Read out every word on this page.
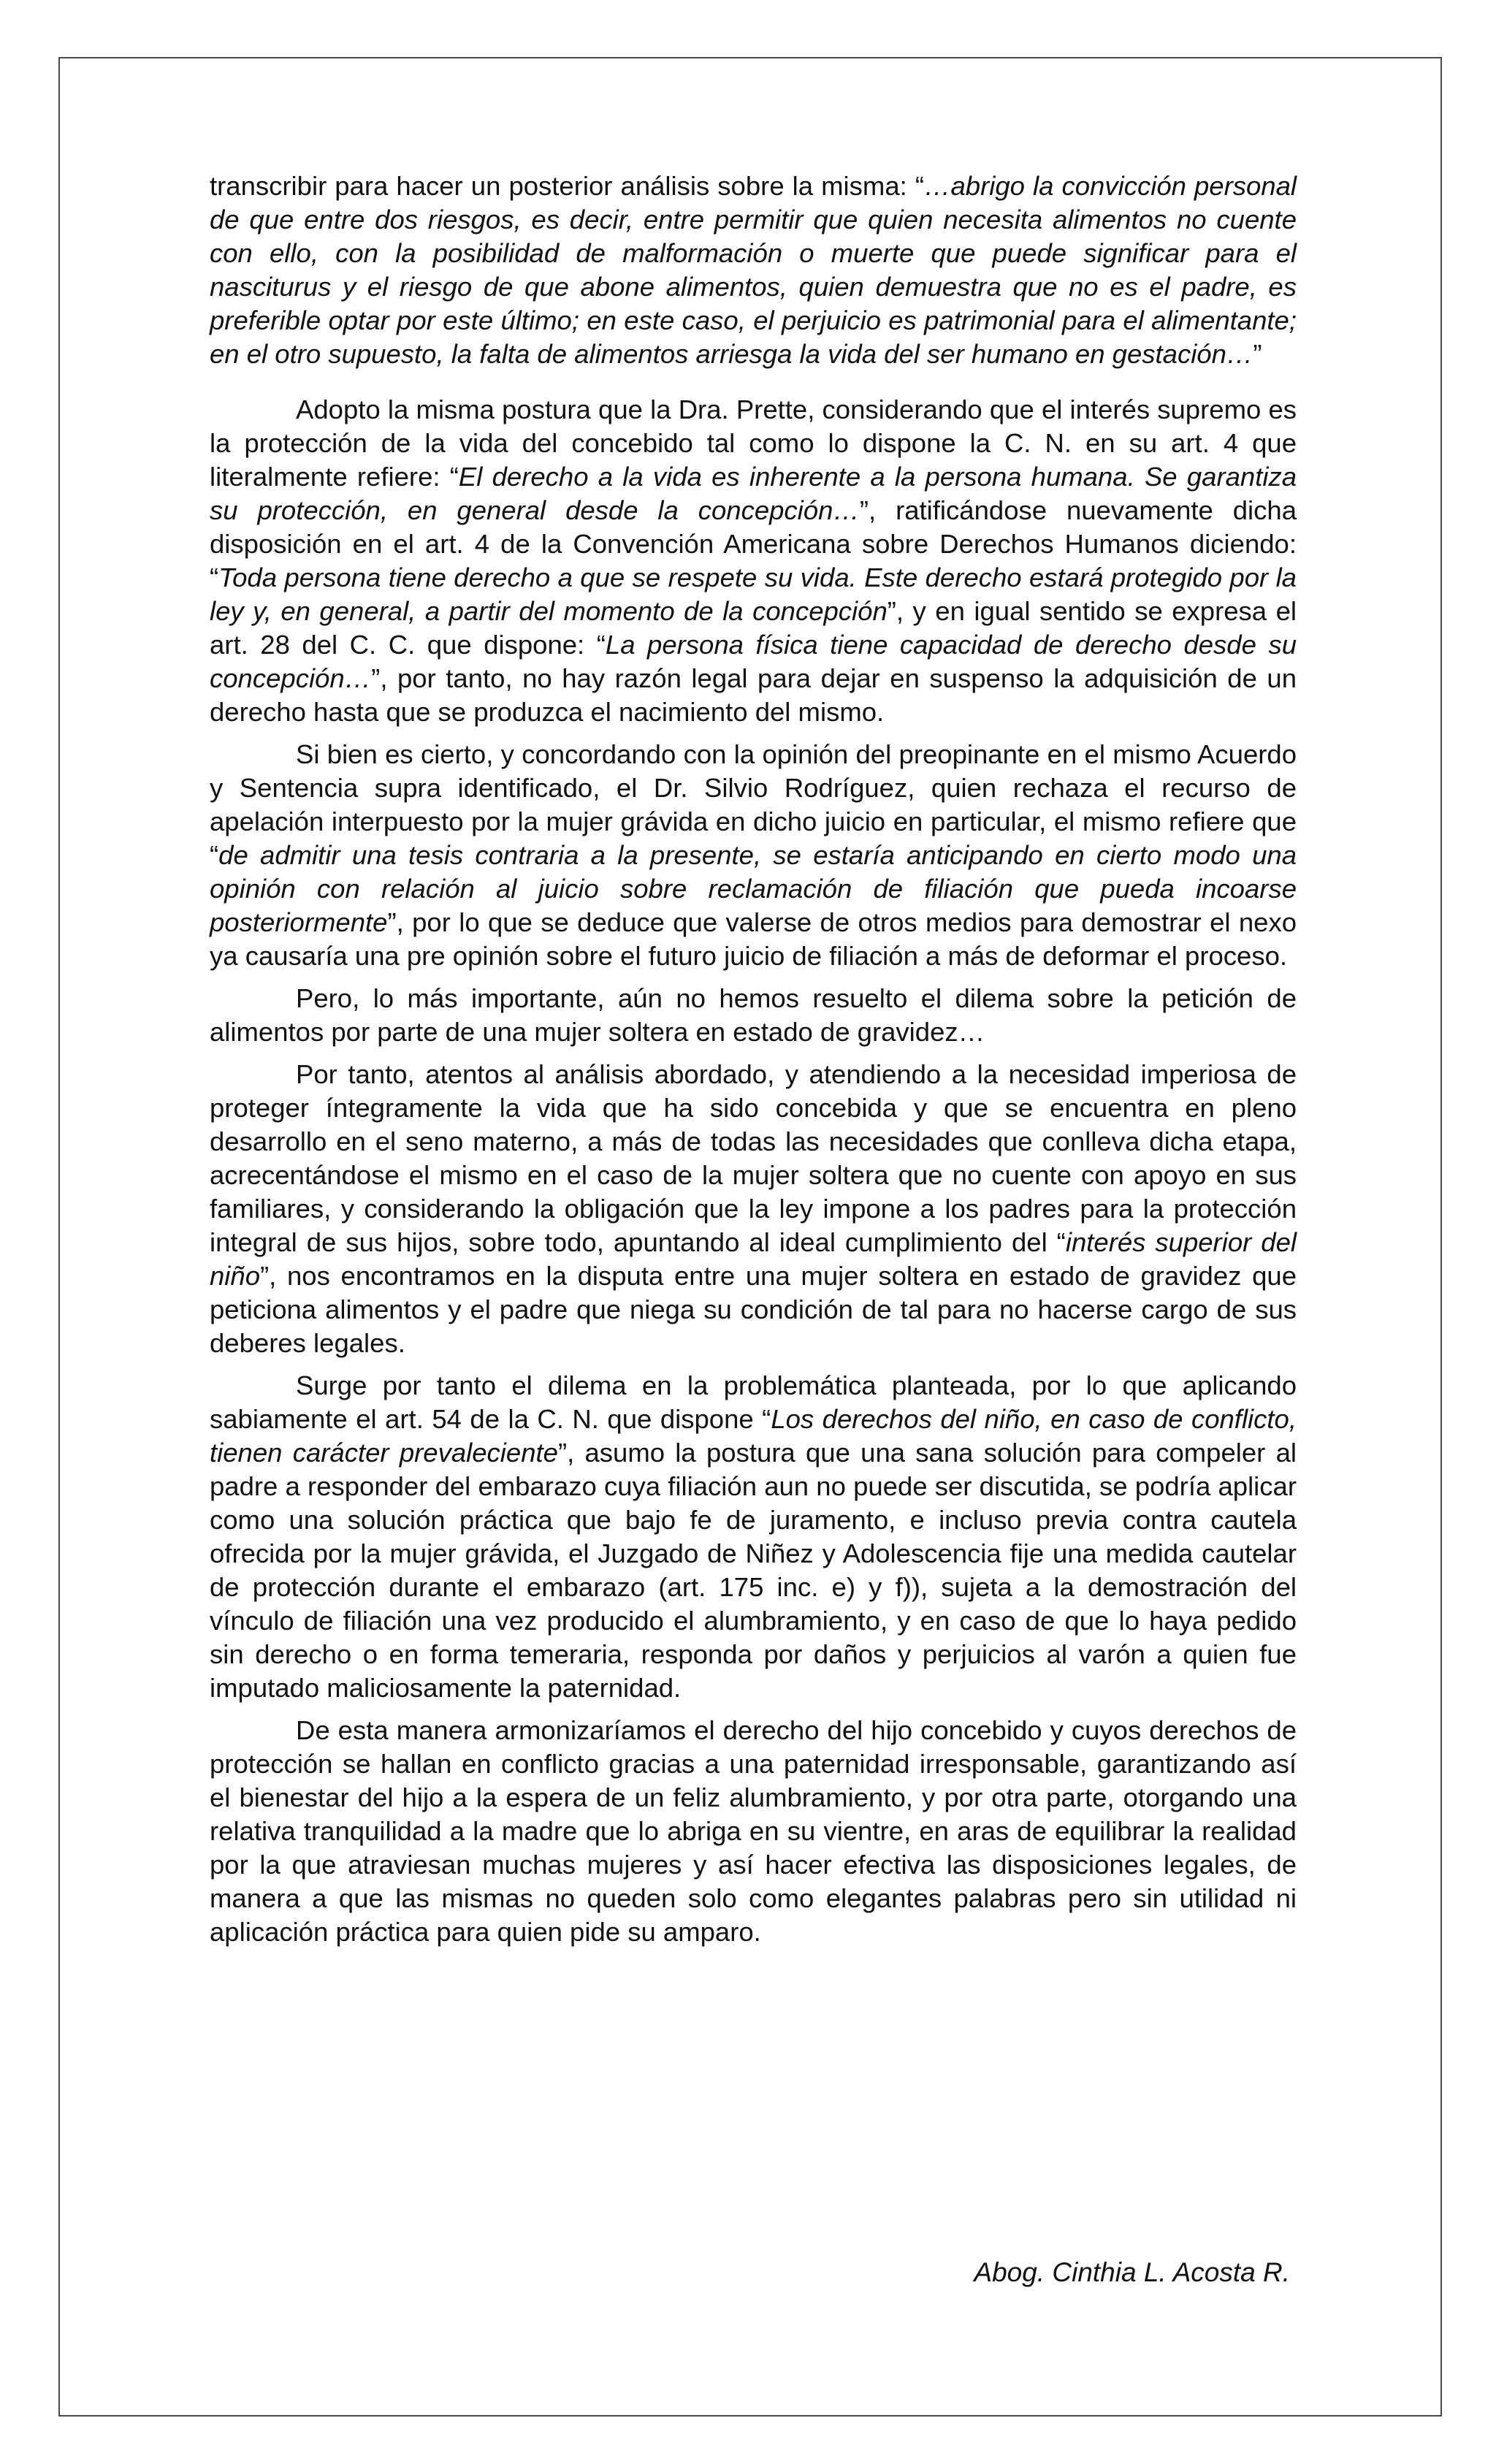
transcribir para hacer un posterior análisis sobre la misma: “…abrigo la convicción personal de que entre dos riesgos, es decir, entre permitir que quien necesita alimentos no cuente con ello, con la posibilidad de malformación o muerte que puede significar para el nasciturus y el riesgo de que abone alimentos, quien demuestra que no es el padre, es preferible optar por este último; en este caso, el perjuicio es patrimonial para el alimentante; en el otro supuesto, la falta de alimentos arriesga la vida del ser humano en gestación…”

Adopto la misma postura que la Dra. Prette, considerando que el interés supremo es la protección de la vida del concebido tal como lo dispone la C. N. en su art. 4 que literalmente refiere: “El derecho a la vida es inherente a la persona humana. Se garantiza su protección, en general desde la concepción…”, ratificándose nuevamente dicha disposición en el art. 4 de la Convención Americana sobre Derechos Humanos diciendo: “Toda persona tiene derecho a que se respete su vida. Este derecho estará protegido por la ley y, en general, a partir del momento de la concepción”, y en igual sentido se expresa el art. 28 del C. C. que dispone: “La persona física tiene capacidad de derecho desde su concepción…”, por tanto, no hay razón legal para dejar en suspenso la adquisición de un derecho hasta que se produzca el nacimiento del mismo.

Si bien es cierto, y concordando con la opinión del preopinante en el mismo Acuerdo y Sentencia supra identificado, el Dr. Silvio Rodríguez, quien rechaza el recurso de apelación interpuesto por la mujer grávida en dicho juicio en particular, el mismo refiere que “de admitir una tesis contraria a la presente, se estaría anticipando en cierto modo una opinión con relación al juicio sobre reclamación de filiación que pueda incoarse posteriormente”, por lo que se deduce que valerse de otros medios para demostrar el nexo ya causaría una pre opinión sobre el futuro juicio de filiación a más de deformar el proceso.

Pero, lo más importante, aún no hemos resuelto el dilema sobre la petición de alimentos por parte de una mujer soltera en estado de gravidez…

Por tanto, atentos al análisis abordado, y atendiendo a la necesidad imperiosa de proteger íntegramente la vida que ha sido concebida y que se encuentra en pleno desarrollo en el seno materno, a más de todas las necesidades que conlleva dicha etapa, acrecentándose el mismo en el caso de la mujer soltera que no cuente con apoyo en sus familiares, y considerando la obligación que la ley impone a los padres para la protección integral de sus hijos, sobre todo, apuntando al ideal cumplimiento del “interés superior del niño”, nos encontramos en la disputa entre una mujer soltera en estado de gravidez que peticiona alimentos y el padre que niega su condición de tal para no hacerse cargo de sus deberes legales.

Surge por tanto el dilema en la problemática planteada, por lo que aplicando sabiamente el art. 54 de la C. N. que dispone “Los derechos del niño, en caso de conflicto, tienen carácter prevaleciente”, asumo la postura que una sana solución para compeler al padre a responder del embarazo cuya filiación aun no puede ser discutida, se podría aplicar como una solución práctica que bajo fe de juramento, e incluso previa contra cautela ofrecida por la mujer grávida, el Juzgado de Niñez y Adolescencia fije una medida cautelar de protección durante el embarazo (art. 175 inc. e) y f)), sujeta a la demostración del vínculo de filiación una vez producido el alumbramiento, y en caso de que lo haya pedido sin derecho o en forma temeraria, responda por daños y perjuicios al varón a quien fue imputado maliciosamente la paternidad.

De esta manera armonizaríamos el derecho del hijo concebido y cuyos derechos de protección se hallan en conflicto gracias a una paternidad irresponsable, garantizando así el bienestar del hijo a la espera de un feliz alumbramiento, y por otra parte, otorgando una relativa tranquilidad a la madre que lo abriga en su vientre, en aras de equilibrar la realidad por la que atraviesan muchas mujeres y así hacer efectiva las disposiciones legales, de manera a que las mismas no queden solo como elegantes palabras pero sin utilidad ni aplicación práctica para quien pide su amparo.

Abog. Cinthia L. Acosta R.
